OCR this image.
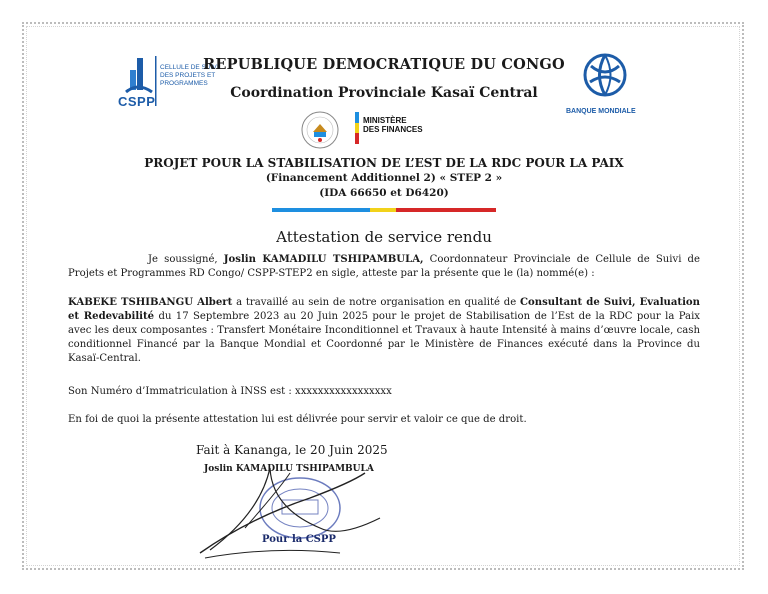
CELLULE DE SUIVI
DES PROJETS ET
PROGRAMMES
CSPP
BANQUE MONDIALE
REPUBLIQUE DEMOCRATIQUE DU CONGO
Coordination Provinciale Kasaï Central
MINISTÈRE
DES FINANCES
PROJET POUR LA STABILISATION DE L’EST DE LA RDC POUR LA PAIX
(Financement Additionnel 2) « STEP 2 »
(IDA 66650 et D6420)
Attestation de service rendu
Je soussigné, Joslin KAMADILU TSHIPAMBULA, Coordonnateur Provinciale de Cellule de Suivi de Projets et Programmes RD Congo/ CSPP-STEP2 en sigle, atteste par la présente que le (la) nommé(e) :
KABEKE TSHIBANGU Albert a travaillé au sein de notre organisation en qualité de Consultant de Suivi, Evaluation et Redevabilité du 17 Septembre 2023 au 20 Juin 2025 pour le projet de Stabilisation de l’Est de la RDC pour la Paix avec les deux composantes : Transfert Monétaire Inconditionnel et Travaux à haute Intensité à mains d’œuvre locale, cash conditionnel Financé par la Banque Mondial et Coordonné par le Ministère de Finances exécuté dans la Province du Kasaï-Central.
Son Numéro d’Immatriculation à INSS est : xxxxxxxxxxxxxxxxx
En foi de quoi la présente attestation lui est délivrée pour servir et valoir ce que de droit.
Fait à Kananga, le 20 Juin 2025
Joslin KAMADILU TSHIPAMBULA
Pour la CSPP
